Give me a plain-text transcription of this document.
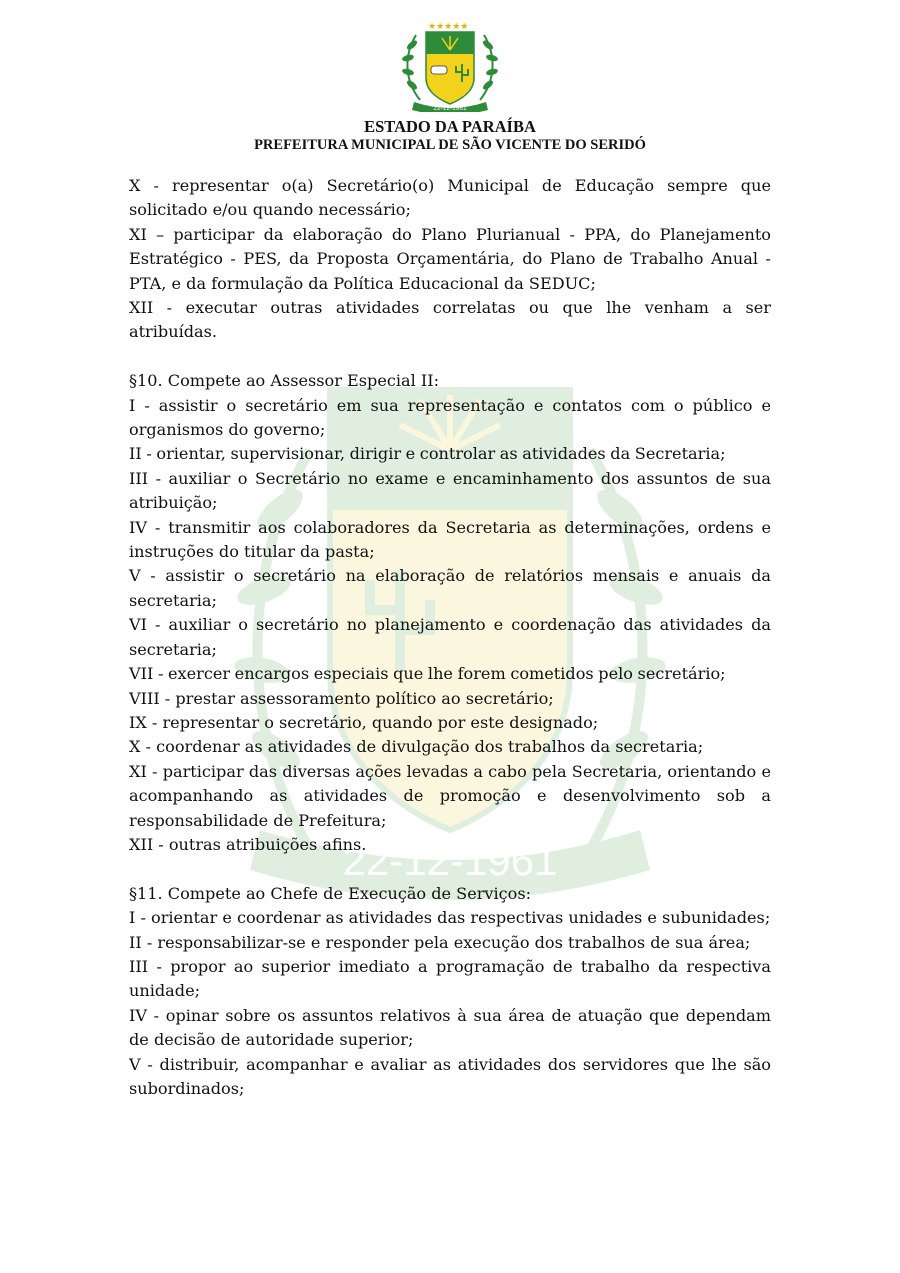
22-12-1961
★★★★★
22-12-1961
ESTADO DA PARAÍBA
PREFEITURA MUNICIPAL DE SÃO VICENTE DO SERIDÓ

X - representar o(a) Secretário(o) Municipal de Educação sempre que solicitado e/ou quando necessário;

XI – participar da elaboração do Plano Plurianual - PPA, do Planejamento Estratégico - PES, da Proposta Orçamentária, do Plano de Trabalho Anual - PTA, e da formulação da Política Educacional da SEDUC;

XII - executar outras atividades correlatas ou que lhe venham a ser atribuídas.

§10. Compete ao Assessor Especial II:

I - assistir o secretário em sua representação e contatos com o público e organismos do governo;

II - orientar, supervisionar, dirigir e controlar as atividades da Secretaria;

III - auxiliar o Secretário no exame e encaminhamento dos assuntos de sua atribuição;

IV - transmitir aos colaboradores da Secretaria as determinações, ordens e instruções do titular da pasta;

V - assistir o secretário na elaboração de relatórios mensais e anuais da secretaria;

VI - auxiliar o secretário no planejamento e coordenação das atividades da secretaria;

VII - exercer encargos especiais que lhe forem cometidos pelo secretário;

VIII - prestar assessoramento político ao secretário;

IX - representar o secretário, quando por este designado;

X - coordenar as atividades de divulgação dos trabalhos da secretaria;

XI - participar das diversas ações levadas a cabo pela Secretaria, orientando e acompanhando as atividades de promoção e desenvolvimento sob a responsabilidade de Prefeitura;

XII - outras atribuições afins.

§11. Compete ao Chefe de Execução de Serviços:

I - orientar e coordenar as atividades das respectivas unidades e subunidades;

II - responsabilizar-se e responder pela execução dos trabalhos de sua área;

III - propor ao superior imediato a programação de trabalho da respectiva unidade;

IV - opinar sobre os assuntos relativos à sua área de atuação que dependam de decisão de autoridade superior;

V - distribuir, acompanhar e avaliar as atividades dos servidores que lhe são subordinados;
